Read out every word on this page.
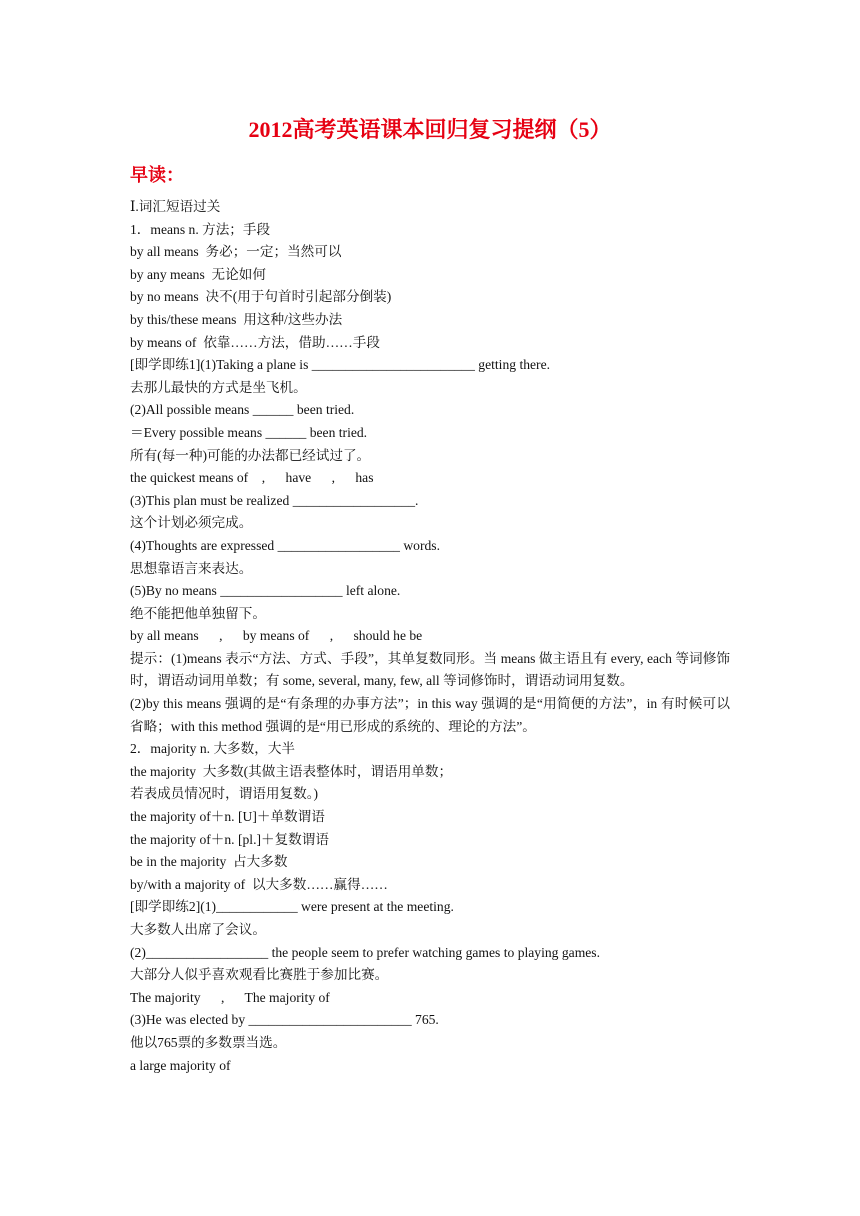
2012高考英语课本回归复习提纲（5）
早读：
Ⅰ.词汇短语过关
1．means n. 方法；手段
by all means  务必；一定；当然可以
by any means  无论如何
by no means  决不(用于句首时引起部分倒装)
by this/these means  用这种/这些办法
by means of  依靠……方法，借助……手段
[即学即练1](1)Taking a plane is ________________________ getting there.
去那儿最快的方式是坐飞机。
(2)All possible means ______ been tried.
＝Every possible means ______ been tried.
所有(每一种)可能的办法都已经试过了。
the quickest means of    ,      have      ,      has
(3)This plan must be realized __________________.
这个计划必须完成。
(4)Thoughts are expressed __________________ words.
思想靠语言来表达。
(5)By no means __________________ left alone.
绝不能把他单独留下。
by all means      ,      by means of      ,      should he be
提示：(1)means 表示“方法、方式、手段”，其单复数同形。当 means 做主语且有 every, each 等词修饰时，谓语动词用单数；有 some, several, many, few, all 等词修饰时，谓语动词用复数。
(2)by this means 强调的是“有条理的办事方法”；in this way 强调的是“用简便的方法”，in 有时候可以省略；with this method 强调的是“用已形成的系统的、理论的方法”。
2．majority n. 大多数，大半
the majority  大多数(其做主语表整体时，谓语用单数；
若表成员情况时，谓语用复数。)
the majority of＋n. [U]＋单数谓语
the majority of＋n. [pl.]＋复数谓语
be in the majority  占大多数
by/with a majority of  以大多数……赢得……
[即学即练2](1)____________ were present at the meeting.
大多数人出席了会议。
(2)__________________ the people seem to prefer watching games to playing games.
大部分人似乎喜欢观看比赛胜于参加比赛。
The majority      ,      The majority of
(3)He was elected by ________________________ 765.
他以765票的多数票当选。
a large majority of
